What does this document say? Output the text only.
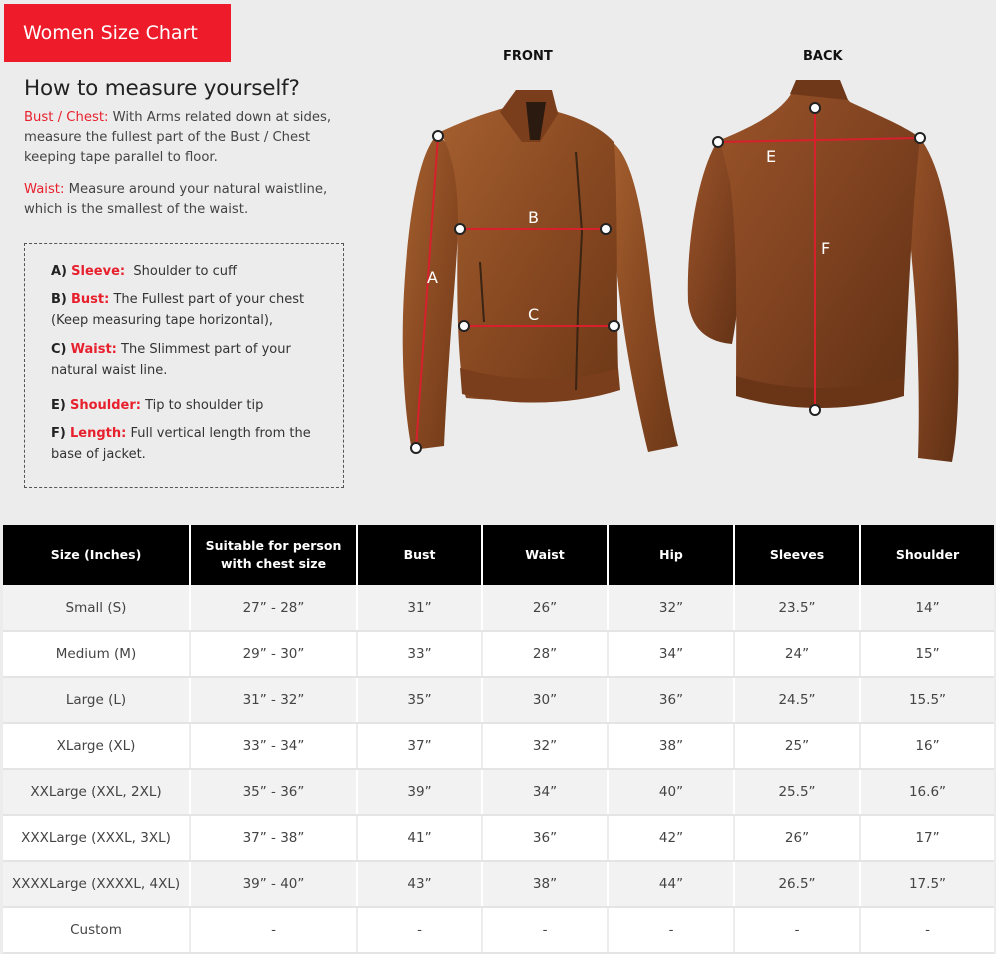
Women Size Chart
How to measure yourself?
Bust / Chest: With Arms related down at sides, measure the fullest part of the Bust / Chest keeping tape parallel to floor.
Waist: Measure around your natural waistline, which is the smallest of the waist.
A) Sleeve:  Shoulder to cuff
B) Bust: The Fullest part of your chest (Keep measuring tape horizontal),
C) Waist: The Slimmest part of your natural waist line.
E) Shoulder: Tip to shoulder tip
F) Length: Full vertical length from the base of jacket.
FRONT	BACK
A
B
C
E
F
Size (Inches)	Suitable for person with chest size	Bust	Waist	Hip	Sleeves	Shoulder
Small (S)	27” - 28”	31”	26”	32”	23.5”	14”
Medium (M)	29” - 30”	33”	28”	34”	24”	15”
Large (L)	31” - 32”	35”	30”	36”	24.5”	15.5”
XLarge (XL)	33” - 34”	37”	32”	38”	25”	16”
XXLarge (XXL, 2XL)	35” - 36”	39”	34”	40”	25.5”	16.6”
XXXLarge (XXXL, 3XL)	37” - 38”	41”	36”	42”	26”	17”
XXXXLarge (XXXXL, 4XL)	39” - 40”	43”	38”	44”	26.5”	17.5”
Custom	-	-	-	-	-	-
